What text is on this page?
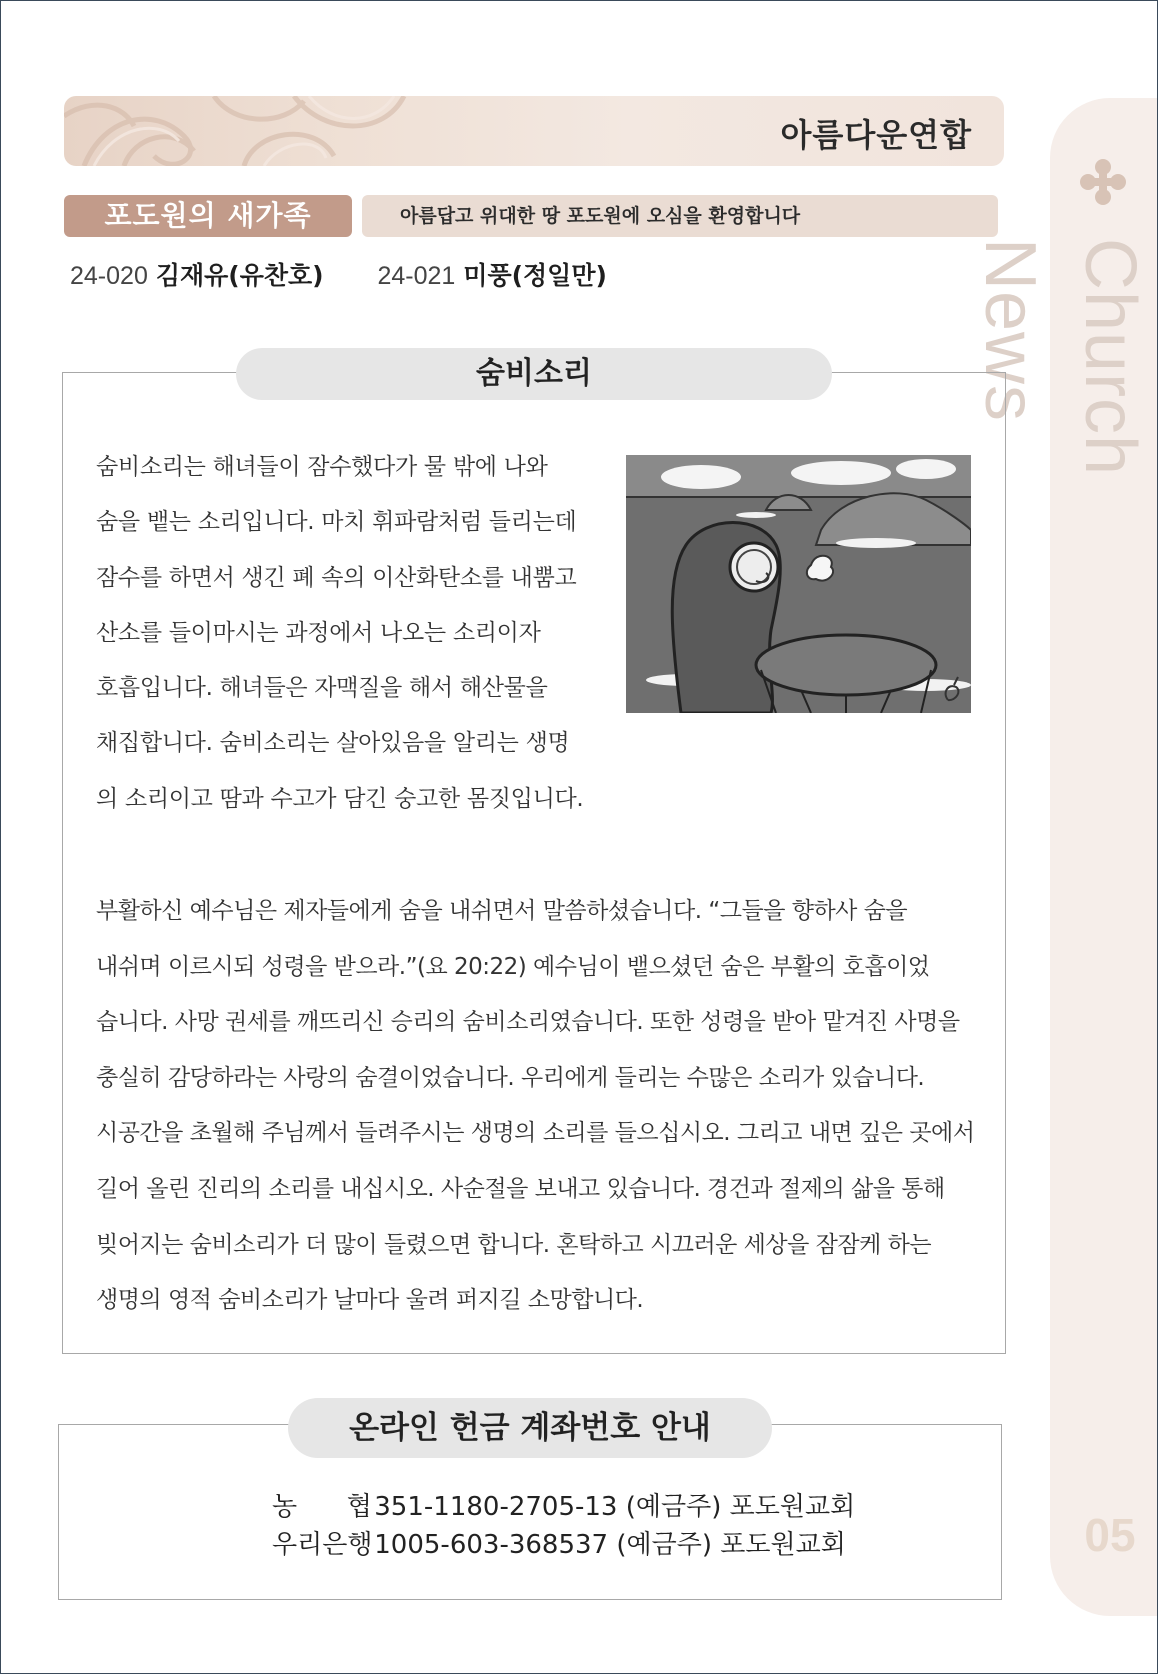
Church News
05
아름다운연합
포도원의 새가족	아름답고 위대한 땅 포도원에 오심을 환영합니다
24-020 김재유(유찬호) 24-021 미풍(정일만)
숨비소리
숨비소리는 해녀들이 잠수했다가 물 밖에 나와
숨을 뱉는 소리입니다. 마치 휘파람처럼 들리는데
잠수를 하면서 생긴 폐 속의 이산화탄소를 내뿜고
산소를 들이마시는 과정에서 나오는 소리이자
호흡입니다. 해녀들은 자맥질을 해서 해산물을
채집합니다. 숨비소리는 살아있음을 알리는 생명
의 소리이고 땀과 수고가 담긴 숭고한 몸짓입니다.
부활하신 예수님은 제자들에게 숨을 내쉬면서 말씀하셨습니다. “그들을 향하사 숨을
내쉬며 이르시되 성령을 받으라.”(요 20:22) 예수님이 뱉으셨던 숨은 부활의 호흡이었
습니다. 사망 권세를 깨뜨리신 승리의 숨비소리였습니다. 또한 성령을 받아 맡겨진 사명을
충실히 감당하라는 사랑의 숨결이었습니다. 우리에게 들리는 수많은 소리가 있습니다.
시공간을 초월해 주님께서 들려주시는 생명의 소리를 들으십시오. 그리고 내면 깊은 곳에서
길어 올린 진리의 소리를 내십시오. 사순절을 보내고 있습니다. 경건과 절제의 삶을 통해
빚어지는 숨비소리가 더 많이 들렸으면 합니다. 혼탁하고 시끄러운 세상을 잠잠케 하는
생명의 영적 숨비소리가 날마다 울려 퍼지길 소망합니다.
온라인 헌금 계좌번호 안내
농      협 351-1180-2705-13 (예금주) 포도원교회
우리은행 1005-603-368537 (예금주) 포도원교회
